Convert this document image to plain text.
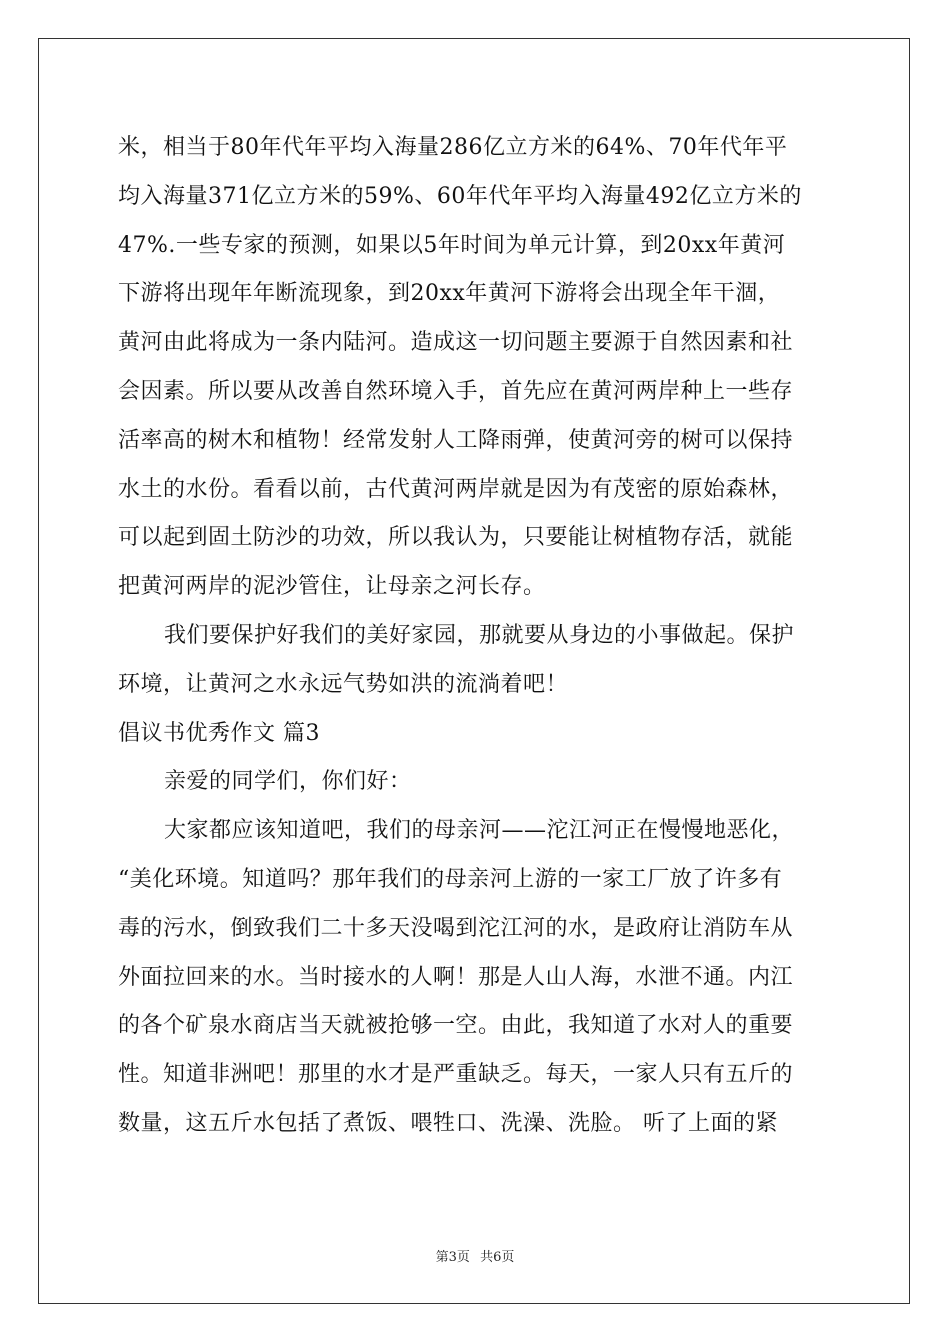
米，相当于80年代年平均入海量286亿立方米的64%、70年代年平
均入海量371亿立方米的59%、60年代年平均入海量492亿立方米的
47%.一些专家的预测，如果以5年时间为单元计算，到20xx年黄河
下游将出现年年断流现象，到20xx年黄河下游将会出现全年干涸，
黄河由此将成为一条内陆河。造成这一切问题主要源于自然因素和社
会因素。所以要从改善自然环境入手，首先应在黄河两岸种上一些存
活率高的树木和植物！经常发射人工降雨弹，使黄河旁的树可以保持
水土的水份。看看以前，古代黄河两岸就是因为有茂密的原始森林，
可以起到固土防沙的功效，所以我认为，只要能让树植物存活，就能
把黄河两岸的泥沙管住，让母亲之河长存。
我们要保护好我们的美好家园，那就要从身边的小事做起。保护
环境，让黄河之水永远气势如洪的流淌着吧！
倡议书优秀作文 篇3
亲爱的同学们，你们好：
大家都应该知道吧，我们的母亲河——沱江河正在慢慢地恶化，
“美化环境。知道吗？那年我们的母亲河上游的一家工厂放了许多有
毒的污水，倒致我们二十多天没喝到沱江河的水，是政府让消防车从
外面拉回来的水。当时接水的人啊！那是人山人海，水泄不通。内江
的各个矿泉水商店当天就被抢够一空。由此，我知道了水对人的重要
性。知道非洲吧！那里的水才是严重缺乏。每天，一家人只有五斤的
数量，这五斤水包括了煮饭、喂牲口、洗澡、洗脸。 听了上面的紧
第3页 共6页
